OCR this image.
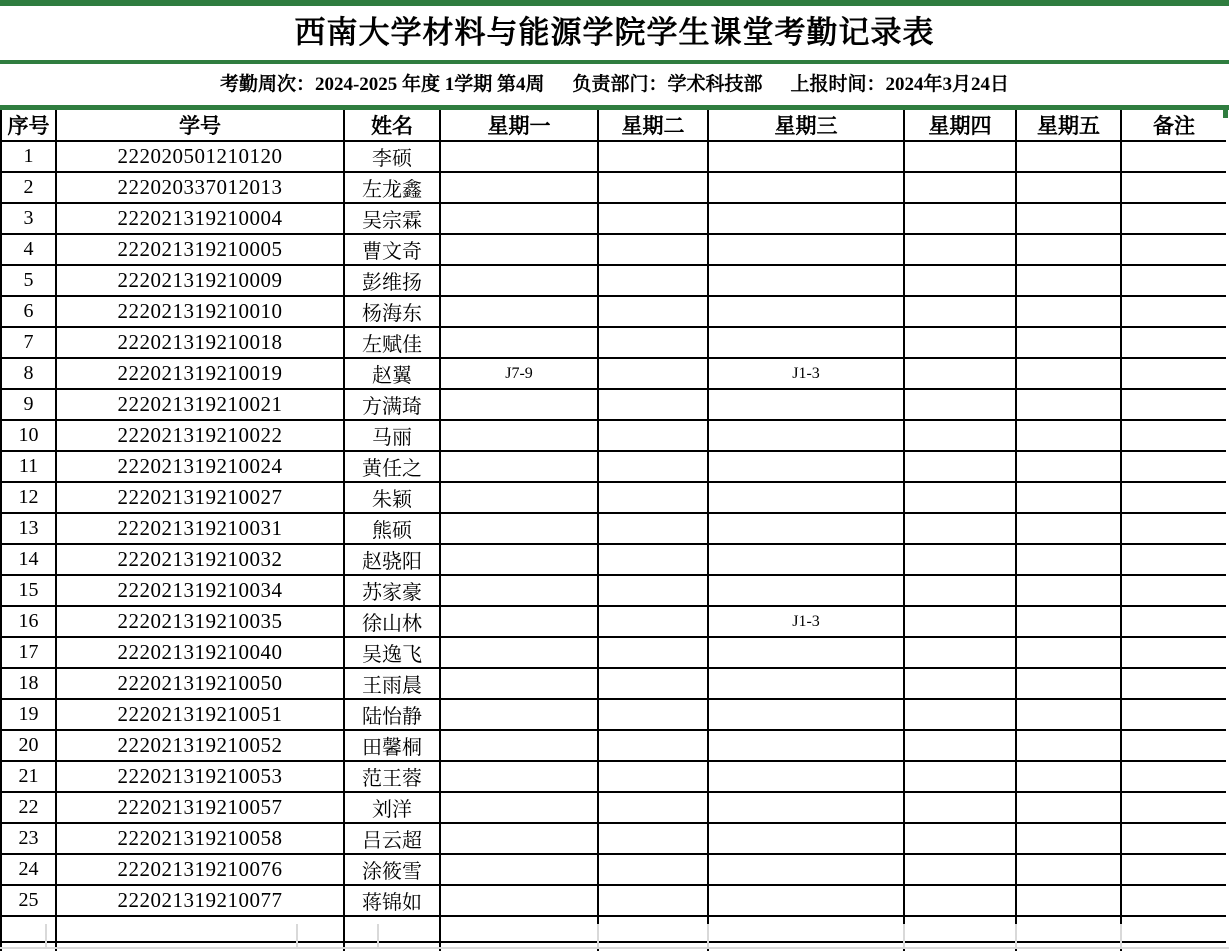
西南大学材料与能源学院学生课堂考勤记录表
考勤周次：2024-2025 年度 1学期 第4周 负责部门：学术科技部 上报时间：2024年3月24日
序号	学号	姓名	星期一	星期二	星期三	星期四	星期五	备注
1	222020501210120	李硕						
2	222020337012013	左龙鑫						
3	222021319210004	吴宗霖						
4	222021319210005	曹文奇						
5	222021319210009	彭维扬						
6	222021319210010	杨海东						
7	222021319210018	左赋佳						
8	222021319210019	赵翼	J7-9		J1-3			
9	222021319210021	方满琦						
10	222021319210022	马丽						
11	222021319210024	黄任之						
12	222021319210027	朱颖						
13	222021319210031	熊硕						
14	222021319210032	赵骁阳						
15	222021319210034	苏家豪						
16	222021319210035	徐山林			J1-3			
17	222021319210040	吴逸飞						
18	222021319210050	王雨晨						
19	222021319210051	陆怡静						
20	222021319210052	田馨桐						
21	222021319210053	范王蓉						
22	222021319210057	刘洋						
23	222021319210058	吕云超						
24	222021319210076	涂筱雪						
25	222021319210077	蒋锦如						
